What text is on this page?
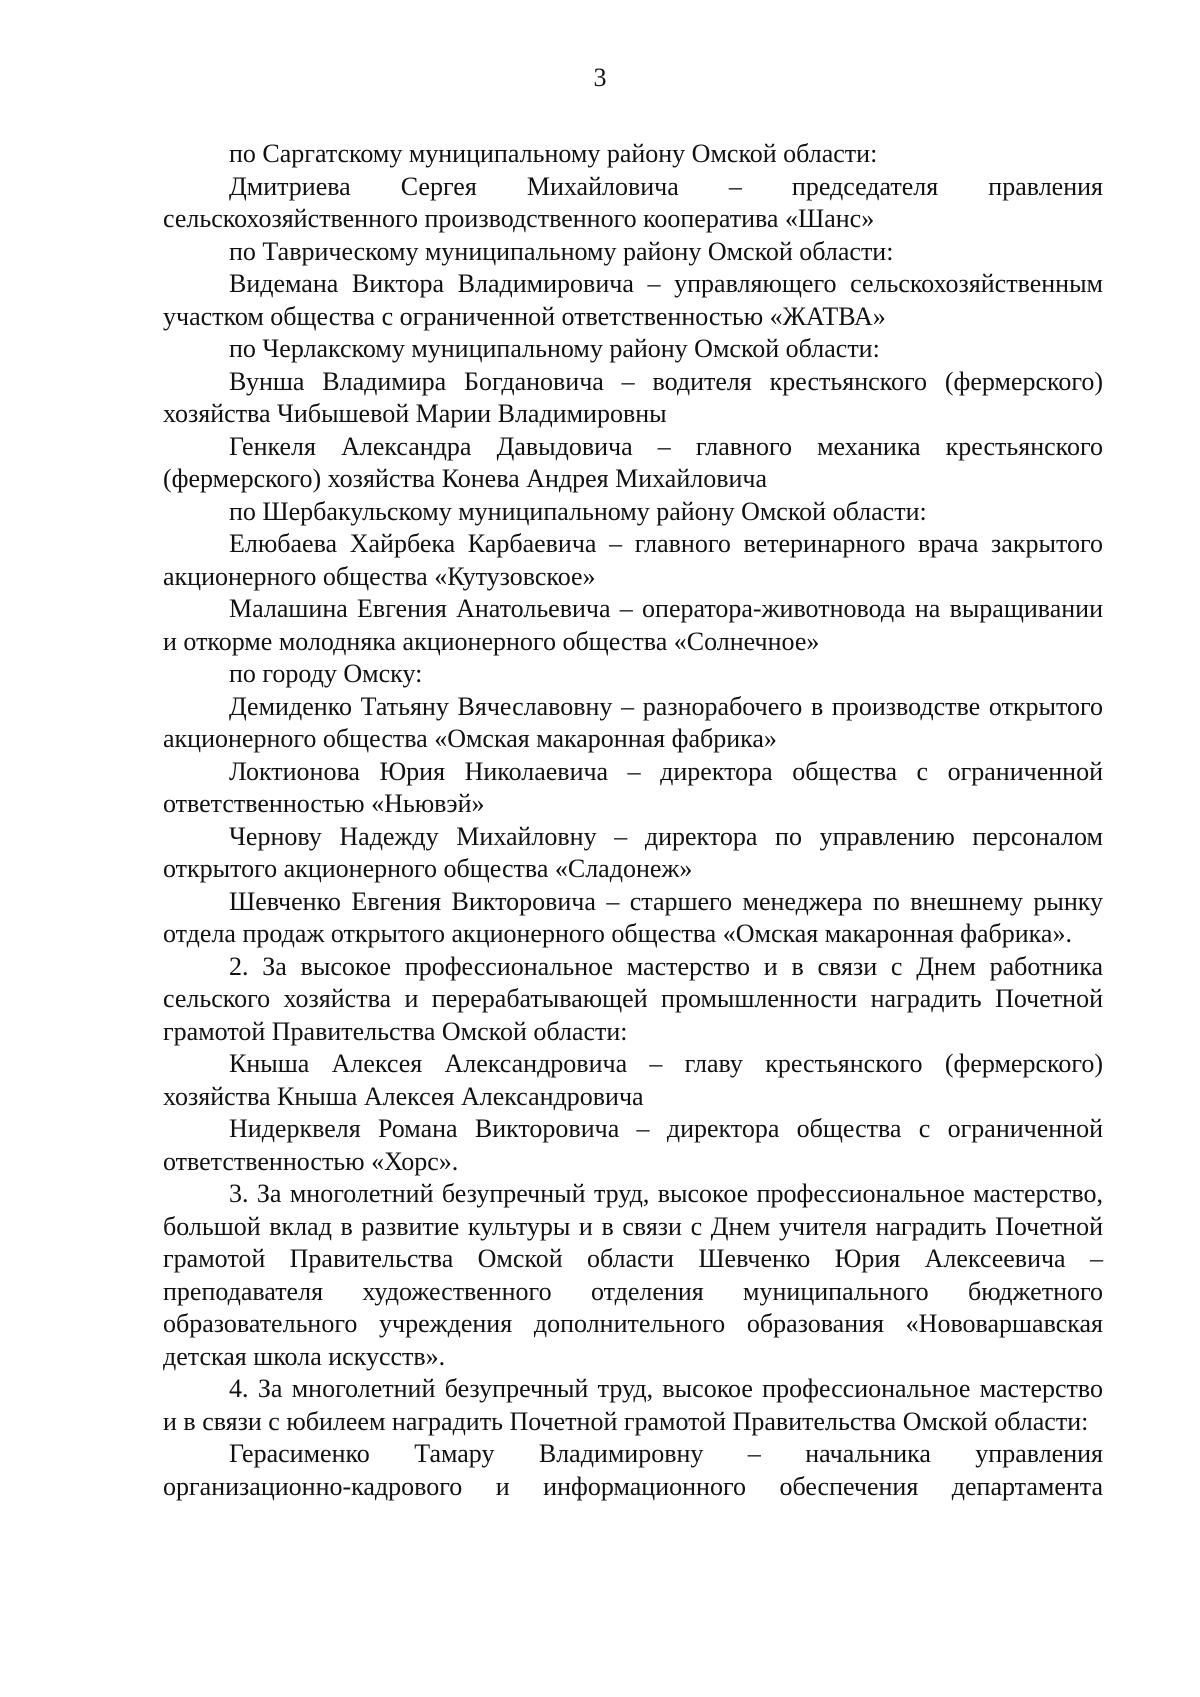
3

по Саргатскому муниципальному району Омской области:

Дмитриева Сергея Михайловича – председателя правления сельскохозяйственного производственного кооператива «Шанс»

по Таврическому муниципальному району Омской области:

Видемана Виктора Владимировича – управляющего сельскохозяйственным участком общества с ограниченной ответственностью «ЖАТВА»

по Черлакскому муниципальному району Омской области:

Вунша Владимира Богдановича – водителя крестьянского (фермерского) хозяйства Чибышевой Марии Владимировны

Генкеля Александра Давыдовича – главного механика крестьянского (фермерского) хозяйства Конева Андрея Михайловича

по Шербакульскому муниципальному району Омской области:

Елюбаева Хайрбека Карбаевича – главного ветеринарного врача закрытого акционерного общества «Кутузовское»

Малашина Евгения Анатольевича – оператора-животновода на выращивании и откорме молодняка акционерного общества «Солнечное»

по городу Омску:

Демиденко Татьяну Вячеславовну – разнорабочего в производстве открытого акционерного общества «Омская макаронная фабрика»

Локтионова Юрия Николаевича – директора общества с ограниченной ответственностью «Ньювэй»

Чернову Надежду Михайловну – директора по управлению персоналом открытого акционерного общества «Сладонеж»

Шевченко Евгения Викторовича – старшего менеджера по внешнему рынку отдела продаж открытого акционерного общества «Омская макаронная фабрика».

2. За высокое профессиональное мастерство и в связи с Днем работника сельского хозяйства и перерабатывающей промышленности наградить Почетной грамотой Правительства Омской области:

Кныша Алексея Александровича – главу крестьянского (фермерского) хозяйства Кныша Алексея Александровича

Нидерквеля Романа Викторовича – директора общества с ограниченной ответственностью «Хорс».

3. За многолетний безупречный труд, высокое профессиональное мастерство, большой вклад в развитие культуры и в связи с Днем учителя наградить Почетной грамотой Правительства Омской области Шевченко Юрия Алексеевича – преподавателя художественного отделения муниципального бюджетного образовательного учреждения дополнительного образования «Нововаршавская детская школа искусств».

4. За многолетний безупречный труд, высокое профессиональное мастерство и в связи с юбилеем наградить Почетной грамотой Правительства Омской области:

Герасименко Тамару Владимировну – начальника управления организационно-кадрового и информационного обеспечения департамента
